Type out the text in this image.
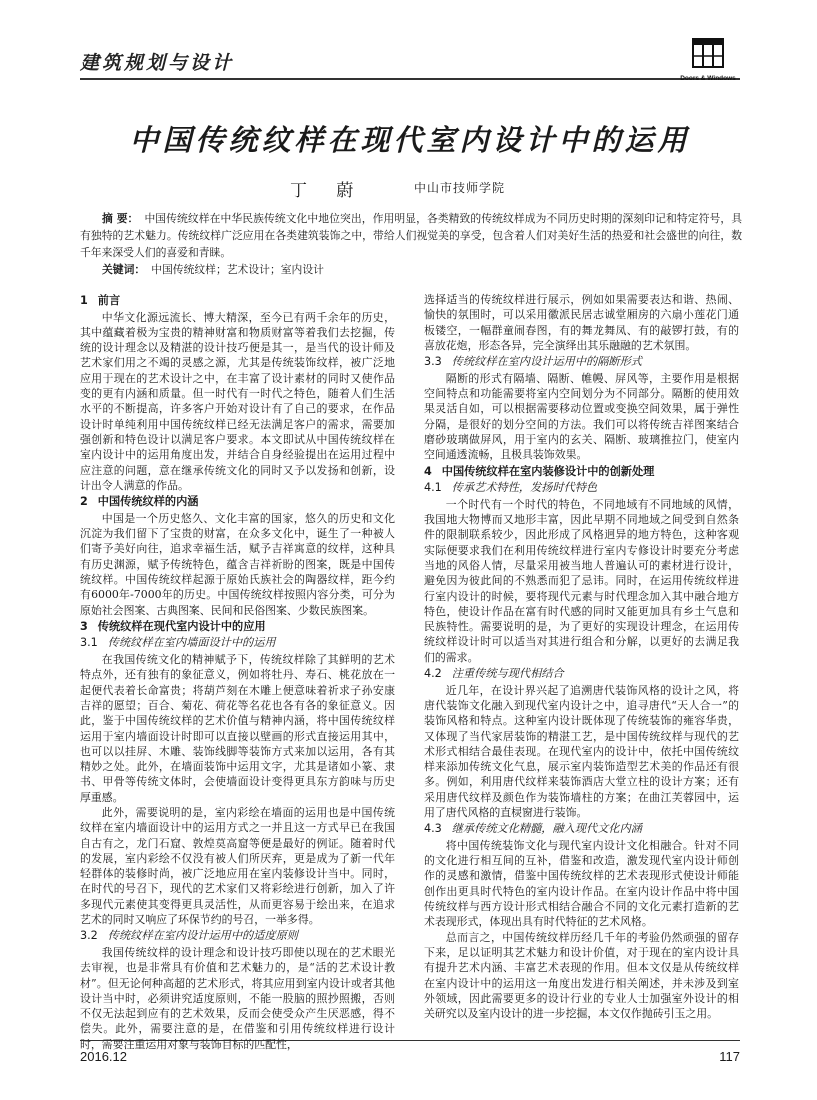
建筑规划与设计
Doors & Windows
中国传统纹样在现代室内设计中的运用
丁 蔚	中山市技师学院

摘 要： 中国传统纹样在中华民族传统文化中地位突出，作用明显，各类精致的传统纹样成为不同历史时期的深刻印记和特定符号，具有独特的艺术魅力。传统纹样广泛应用在各类建筑装饰之中，带给人们视觉美的享受，包含着人们对美好生活的热爱和社会盛世的向往，数千年来深受人们的喜爱和青睐。

关键词： 中国传统纹样；艺术设计；室内设计
1 前言

中华文化源远流长、博大精深，至今已有两千余年的历史，其中蕴藏着极为宝贵的精神财富和物质财富等着我们去挖掘，传统的设计理念以及精湛的设计技巧便是其一，是当代的设计师及艺术家们用之不竭的灵感之源，尤其是传统装饰纹样，被广泛地应用于现在的艺术设计之中，在丰富了设计素材的同时又使作品变的更有内涵和质量。但一时代有一时代之特色，随着人们生活水平的不断提高，许多客户开始对设计有了自己的要求，在作品设计时单纯利用中国传统纹样已经无法满足客户的需求，需要加强创新和特色设计以满足客户要求。本文即试从中国传统纹样在室内设计中的运用角度出发，并结合自身经验提出在运用过程中应注意的问题，意在继承传统文化的同时又予以发扬和创新，设计出令人满意的作品。

2 中国传统纹样的内涵

中国是一个历史悠久、文化丰富的国家，悠久的历史和文化沉淀为我们留下了宝贵的财富，在众多文化中，诞生了一种被人们寄予美好向往，追求幸福生活，赋予吉祥寓意的纹样，这种具有历史渊源，赋予传统特色，蕴含吉祥祈盼的图案，既是中国传统纹样。中国传统纹样起源于原始氏族社会的陶器纹样，距今约有6000年-7000年的历史。中国传统纹样按照内容分类，可分为原始社会图案、古典图案、民间和民俗图案、少数民族图案。

3 传统纹样在现代室内设计中的应用
3.1 传统纹样在室内墙面设计中的运用

在我国传统文化的精神赋予下，传统纹样除了其鲜明的艺术特点外，还有独有的象征意义，例如将牡丹、寿石、桃花放在一起便代表着长命富贵；将葫芦刻在木雕上便意味着祈求子孙安康吉祥的愿望；百合、菊花、荷花等名花也各有各的象征意义。因此，鉴于中国传统纹样的艺术价值与精神内涵，将中国传统纹样运用于室内墙面设计时即可以直接以壁画的形式直接运用其中，也可以以挂屏、木雕、装饰线脚等装饰方式来加以运用，各有其精妙之处。此外，在墙面装饰中运用文字，尤其是诸如小篆、隶书、甲骨等传统文体时，会使墙面设计变得更具东方韵味与历史厚重感。

此外，需要说明的是，室内彩绘在墙面的运用也是中国传统纹样在室内墙面设计中的运用方式之一并且这一方式早已在我国自古有之，龙门石窟、敦煌莫高窟等便是最好的例证。随着时代的发展，室内彩绘不仅没有被人们所厌弃，更是成为了新一代年轻群体的装修时尚，被广泛地应用在室内装修设计当中。同时，在时代的号召下，现代的艺术家们又将彩绘进行创新，加入了许多现代元素使其变得更具灵活性，从而更容易于绘出来，在追求艺术的同时又响应了环保节约的号召，一举多得。

3.2 传统纹样在室内设计运用中的适度原则

我国传统纹样的设计理念和设计技巧即使以现在的艺术眼光去审视，也是非常具有价值和艺术魅力的，是“活的艺术设计教材”。但无论何种高超的艺术形式，将其应用到室内设计或者其他设计当中时，必须讲究适度原则，不能一股脑的照抄照搬，否则不仅无法起到应有的艺术效果，反而会使受众产生厌恶感，得不偿失。此外，需要注意的是，在借鉴和引用传统纹样进行设计时，需要注重运用对象与装饰目标的匹配性，

选择适当的传统纹样进行展示，例如如果需要表达和谐、热闹、愉快的氛围时，可以采用徽派民居志诚堂厢房的六扇小莲花门通板镂空，一幅群童闹春图，有的舞龙舞凤、有的敲锣打鼓，有的喜放花炮，形态各异，完全演绎出其乐融融的艺术氛围。

3.3 传统纹样在室内设计运用中的隔断形式

隔断的形式有隔墙、隔断、帷幔、屏风等，主要作用是根据空间特点和功能需要将室内空间划分为不同部分。隔断的使用效果灵活自如，可以根据需要移动位置或变换空间效果，属于弹性分隔，是很好的划分空间的方法。我们可以将传统吉祥图案结合磨砂玻璃做屏风，用于室内的玄关、隔断、玻璃推拉门，使室内空间通透流畅，且极具装饰效果。

4 中国传统纹样在室内装修设计中的创新处理
4.1 传承艺术特性，发扬时代特色

一个时代有一个时代的特色，不同地域有不同地域的风情，我国地大物博而又地形丰富，因此早期不同地域之间受到自然条件的限制联系较少，因此形成了风格迥异的地方特色，这种客观实际便要求我们在利用传统纹样进行室内专修设计时要充分考虑当地的风俗人情，尽量采用被当地人普遍认可的素材进行设计，避免因为彼此间的不熟悉而犯了忌讳。同时，在运用传统纹样进行室内设计的时候，要将现代元素与时代理念加入其中融合地方特色，使设计作品在富有时代感的同时又能更加具有乡土气息和民族特性。需要说明的是，为了更好的实现设计理念，在运用传统纹样设计时可以适当对其进行组合和分解，以更好的去满足我们的需求。

4.2 注重传统与现代相结合

近几年，在设计界兴起了追溯唐代装饰风格的设计之风，将唐代装饰文化融入到现代室内设计之中，追寻唐代“天人合一”的装饰风格和特点。这种室内设计既体现了传统装饰的雍容华贵，又体现了当代家居装饰的精湛工艺，是中国传统纹样与现代的艺术形式相结合最佳表现。在现代室内的设计中，依托中国传统纹样来添加传统文化气息，展示室内装饰造型艺术美的作品还有很多。例如，利用唐代纹样来装饰酒店大堂立柱的设计方案；还有采用唐代纹样及颜色作为装饰墙柱的方案；在曲江芙蓉园中，运用了唐代风格的直棂窗进行装饰。

4.3 继承传统文化精髓，融入现代文化内涵

将中国传统装饰文化与现代室内设计文化相融合。针对不同的文化进行相互间的互补，借鉴和改造，激发现代室内设计师创作的灵感和激情，借鉴中国传统纹样的艺术表现形式使设计师能创作出更具时代特色的室内设计作品。在室内设计作品中将中国传统纹样与西方设计形式相结合融合不同的文化元素打造新的艺术表现形式，体现出具有时代特征的艺术风格。

总而言之，中国传统纹样历经几千年的考验仍然顽强的留存下来，足以证明其艺术魅力和设计价值，对于现在的室内设计具有提升艺术内涵、丰富艺术表现的作用。但本文仅是从传统纹样在室内设计中的运用这一角度出发进行相关阐述，并未涉及到室外领域，因此需要更多的设计行业的专业人士加强室外设计的相关研究以及室内设计的进一步挖掘，本文仅作抛砖引玉之用。

2016.12	117
